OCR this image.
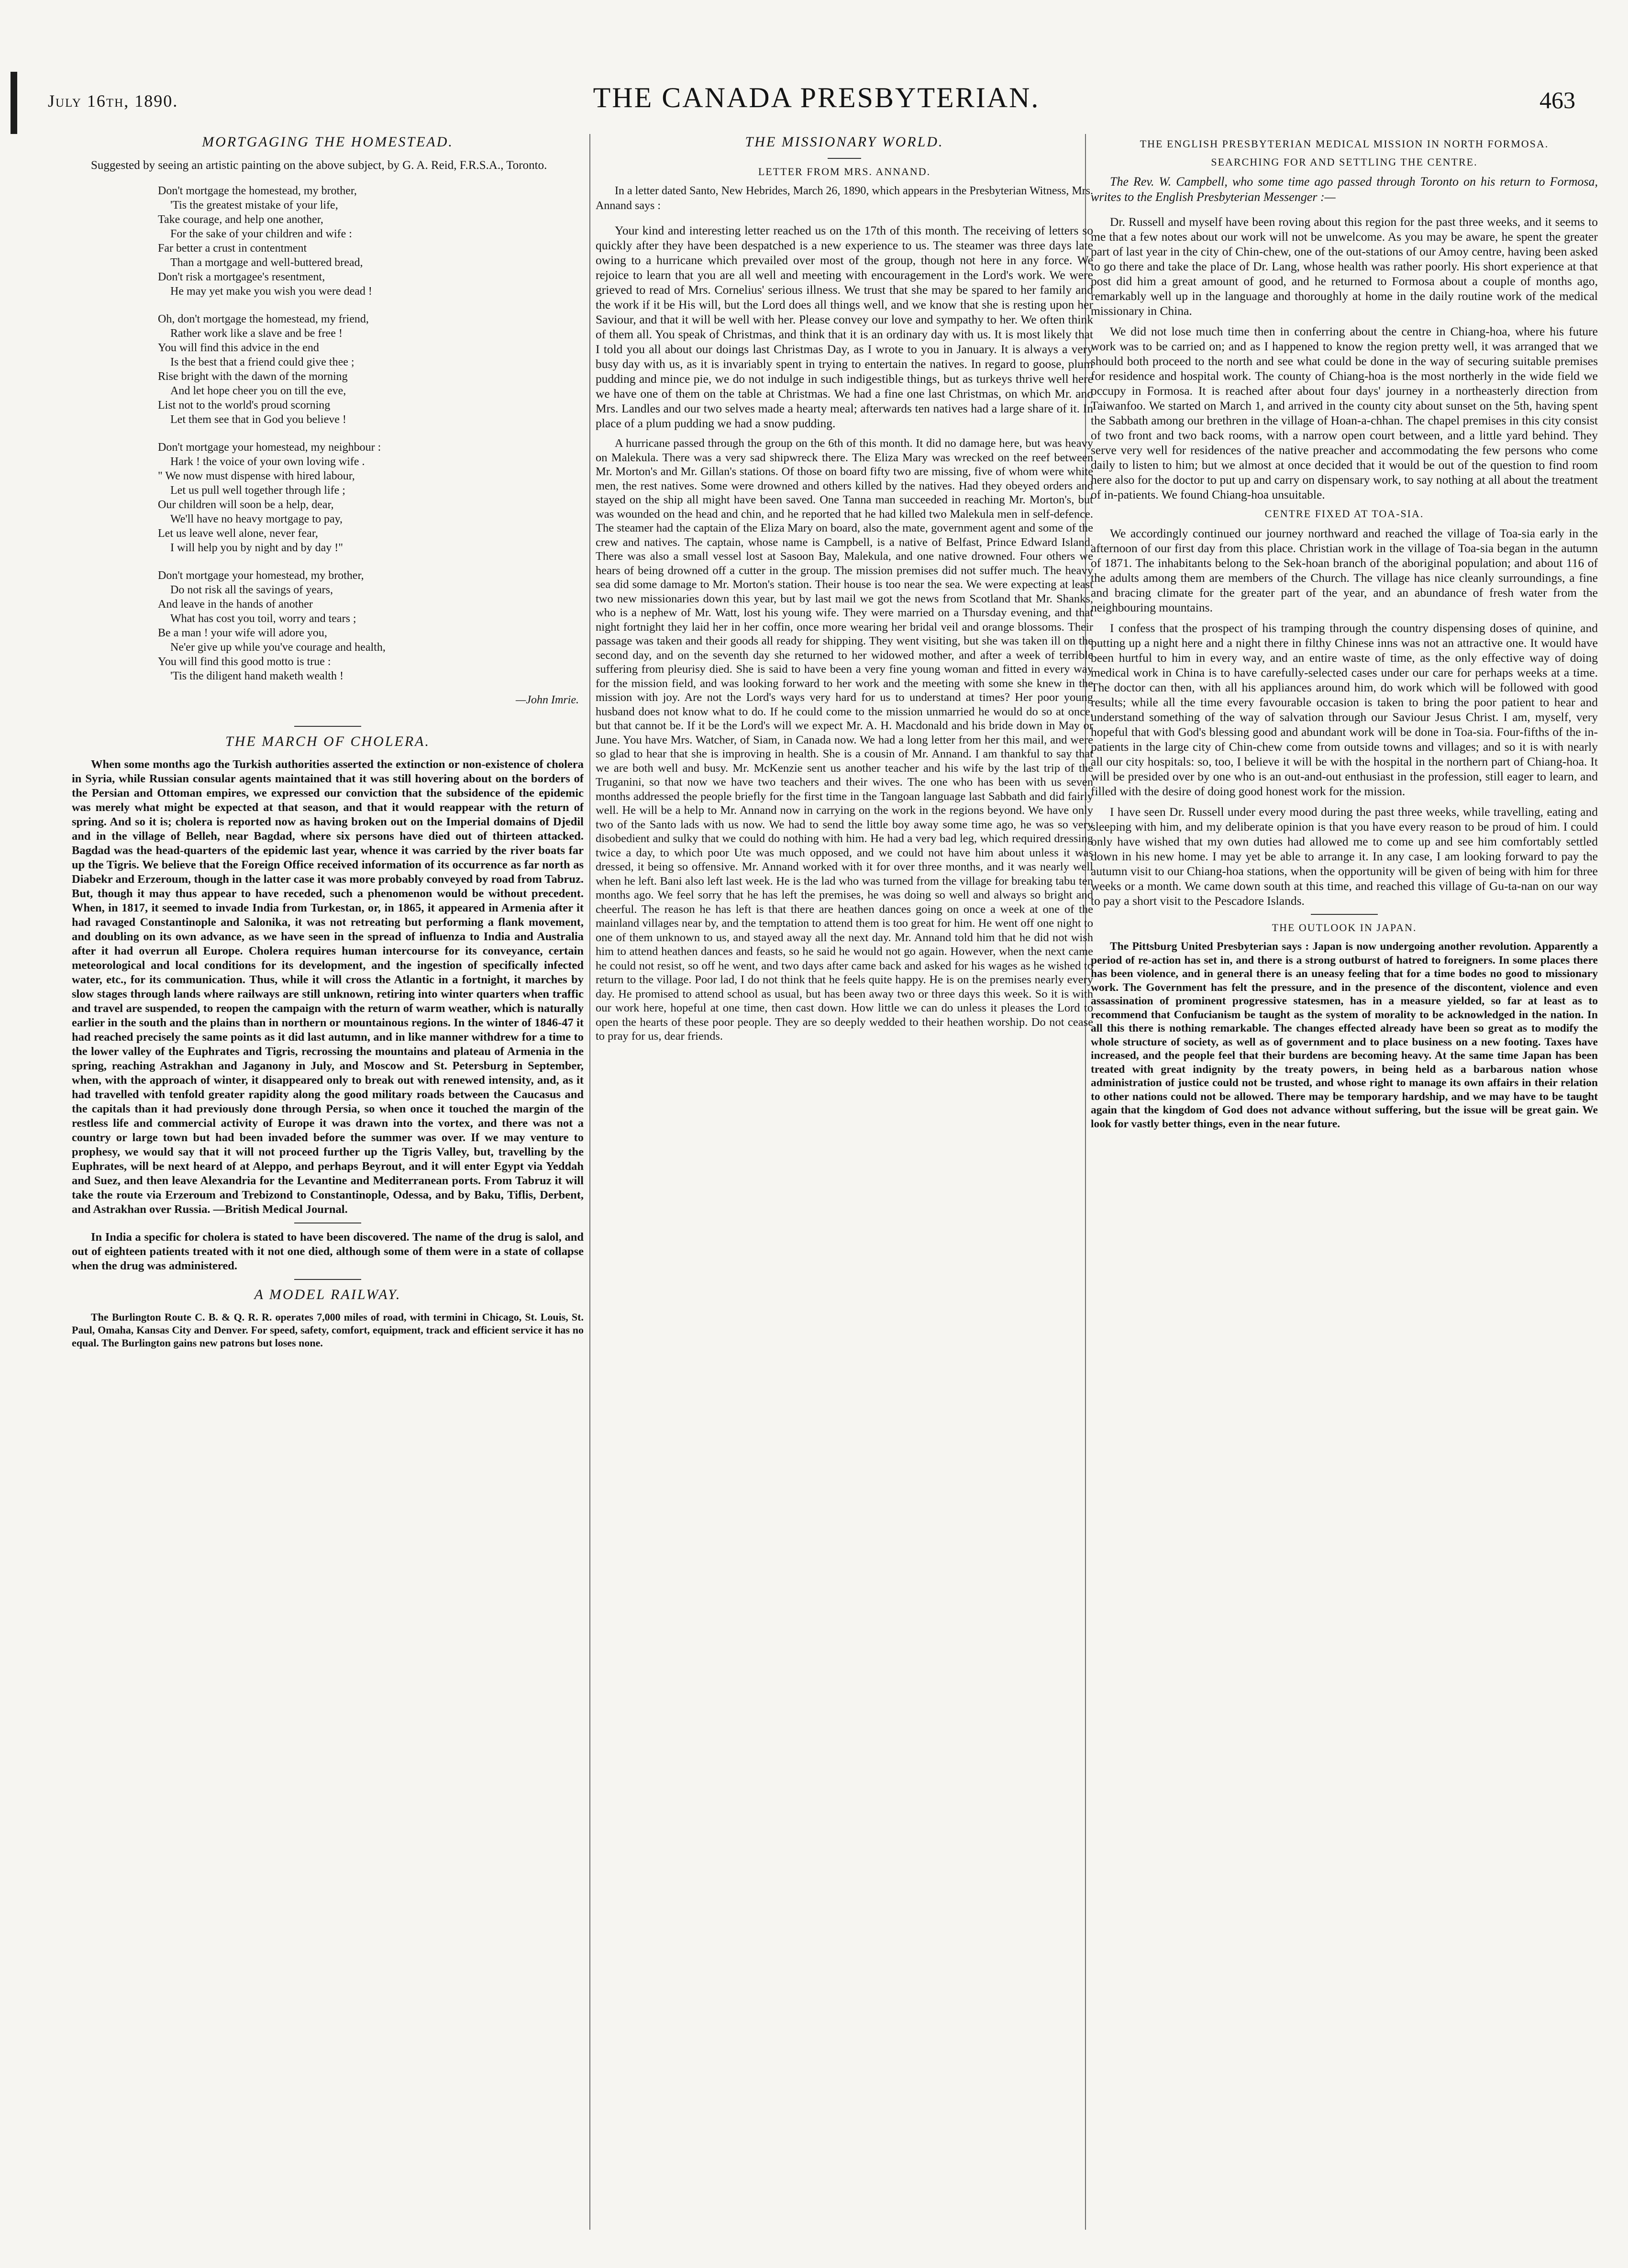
July 16th, 1890.	THE CANADA PRESBYTERIAN.	463
MORTGAGING THE HOMESTEAD.

Suggested by seeing an artistic painting on the above subject, by G. A. Reid, F.R.S.A., Toronto.

Don't mortgage the homestead, my brother,
'Tis the greatest mistake of your life,
Take courage, and help one another,
For the sake of your children and wife :
Far better a crust in contentment
Than a mortgage and well-buttered bread,
Don't risk a mortgagee's resentment,
He may yet make you wish you were dead !
Oh, don't mortgage the homestead, my friend,
Rather work like a slave and be free !
You will find this advice in the end
Is the best that a friend could give thee ;
Rise bright with the dawn of the morning
And let hope cheer you on till the eve,
List not to the world's proud scorning
Let them see that in God you believe !
Don't mortgage your homestead, my neighbour :
Hark ! the voice of your own loving wife .
" We now must dispense with hired labour,
Let us pull well together through life ;
Our children will soon be a help, dear,
We'll have no heavy mortgage to pay,
Let us leave well alone, never fear,
I will help you by night and by day !"
Don't mortgage your homestead, my brother,
Do not risk all the savings of years,
And leave in the hands of another
What has cost you toil, worry and tears ;
Be a man ! your wife will adore you,
Ne'er give up while you've courage and health,
You will find this good motto is true :
'Tis the diligent hand maketh wealth !
—John Imrie.
THE MARCH OF CHOLERA.

When some months ago the Turkish authorities asserted the extinction or non-existence of cholera in Syria, while Russian consular agents maintained that it was still hovering about on the borders of the Persian and Ottoman empires, we expressed our conviction that the subsidence of the epidemic was merely what might be expected at that season, and that it would reappear with the return of spring. And so it is; cholera is reported now as having broken out on the Imperial domains of Djedil and in the village of Belleh, near Bagdad, where six persons have died out of thirteen attacked. Bagdad was the head-quarters of the epidemic last year, whence it was carried by the river boats far up the Tigris. We believe that the Foreign Office received information of its occurrence as far north as Diabekr and Erzeroum, though in the latter case it was more probably conveyed by road from Tabruz. But, though it may thus appear to have receded, such a phenomenon would be without precedent. When, in 1817, it seemed to invade India from Turkestan, or, in 1865, it appeared in Armenia after it had ravaged Constantinople and Salonika, it was not retreating but performing a flank movement, and doubling on its own advance, as we have seen in the spread of influenza to India and Australia after it had overrun all Europe. Cholera requires human intercourse for its conveyance, certain meteorological and local conditions for its development, and the ingestion of specifically infected water, etc., for its communication. Thus, while it will cross the Atlantic in a fortnight, it marches by slow stages through lands where railways are still unknown, retiring into winter quarters when traffic and travel are suspended, to reopen the campaign with the return of warm weather, which is naturally earlier in the south and the plains than in northern or mountainous regions. In the winter of 1846-47 it had reached precisely the same points as it did last autumn, and in like manner withdrew for a time to the lower valley of the Euphrates and Tigris, recrossing the mountains and plateau of Armenia in the spring, reaching Astrakhan and Jaganony in July, and Moscow and St. Petersburg in September, when, with the approach of winter, it disappeared only to break out with renewed intensity, and, as it had travelled with tenfold greater rapidity along the good military roads between the Caucasus and the capitals than it had previously done through Persia, so when once it touched the margin of the restless life and commercial activity of Europe it was drawn into the vortex, and there was not a country or large town but had been invaded before the summer was over. If we may venture to prophesy, we would say that it will not proceed further up the Tigris Valley, but, travelling by the Euphrates, will be next heard of at Aleppo, and perhaps Beyrout, and it will enter Egypt via Yeddah and Suez, and then leave Alexandria for the Levantine and Mediterranean ports. From Tabruz it will take the route via Erzeroum and Trebizond to Constantinople, Odessa, and by Baku, Tiflis, Derbent, and Astrakhan over Russia. —British Medical Journal.

In India a specific for cholera is stated to have been discovered. The name of the drug is salol, and out of eighteen patients treated with it not one died, although some of them were in a state of collapse when the drug was administered.

A MODEL RAILWAY.

The Burlington Route C. B. & Q. R. R. operates 7,000 miles of road, with termini in Chicago, St. Louis, St. Paul, Omaha, Kansas City and Denver. For speed, safety, comfort, equipment, track and efficient service it has no equal. The Burlington gains new patrons but loses none.

THE MISSIONARY WORLD.
LETTER FROM MRS. ANNAND.

In a letter dated Santo, New Hebrides, March 26, 1890, which appears in the Presbyterian Witness, Mrs. Annand says :

Your kind and interesting letter reached us on the 17th of this month. The receiving of letters so quickly after they have been despatched is a new experience to us. The steamer was three days late owing to a hurricane which prevailed over most of the group, though not here in any force. We rejoice to learn that you are all well and meeting with encouragement in the Lord's work. We were grieved to read of Mrs. Cornelius' serious illness. We trust that she may be spared to her family and the work if it be His will, but the Lord does all things well, and we know that she is resting upon her Saviour, and that it will be well with her. Please convey our love and sympathy to her. We often think of them all. You speak of Christmas, and think that it is an ordinary day with us. It is most likely that I told you all about our doings last Christmas Day, as I wrote to you in January. It is always a very busy day with us, as it is invariably spent in trying to entertain the natives. In regard to goose, plum pudding and mince pie, we do not indulge in such indigestible things, but as turkeys thrive well here we have one of them on the table at Christmas. We had a fine one last Christmas, on which Mr. and Mrs. Landles and our two selves made a hearty meal; afterwards ten natives had a large share of it. In place of a plum pudding we had a snow pudding.

A hurricane passed through the group on the 6th of this month. It did no damage here, but was heavy on Malekula. There was a very sad shipwreck there. The Eliza Mary was wrecked on the reef between Mr. Morton's and Mr. Gillan's stations. Of those on board fifty two are missing, five of whom were white men, the rest natives. Some were drowned and others killed by the natives. Had they obeyed orders and stayed on the ship all might have been saved. One Tanna man succeeded in reaching Mr. Morton's, but was wounded on the head and chin, and he reported that he had killed two Malekula men in self-defence. The steamer had the captain of the Eliza Mary on board, also the mate, government agent and some of the crew and natives. The captain, whose name is Campbell, is a native of Belfast, Prince Edward Island. There was also a small vessel lost at Sasoon Bay, Malekula, and one native drowned. Four others we hears of being drowned off a cutter in the group. The mission premises did not suffer much. The heavy sea did some damage to Mr. Morton's station. Their house is too near the sea. We were expecting at least two new missionaries down this year, but by last mail we got the news from Scotland that Mr. Shanks, who is a nephew of Mr. Watt, lost his young wife. They were married on a Thursday evening, and that night fortnight they laid her in her coffin, once more wearing her bridal veil and orange blossoms. Their passage was taken and their goods all ready for shipping. They went visiting, but she was taken ill on the second day, and on the seventh day she returned to her widowed mother, and after a week of terrible suffering from pleurisy died. She is said to have been a very fine young woman and fitted in every way for the mission field, and was looking forward to her work and the meeting with some she knew in the mission with joy. Are not the Lord's ways very hard for us to understand at times? Her poor young husband does not know what to do. If he could come to the mission unmarried he would do so at once, but that cannot be. If it be the Lord's will we expect Mr. A. H. Macdonald and his bride down in May or June. You have Mrs. Watcher, of Siam, in Canada now. We had a long letter from her this mail, and were so glad to hear that she is improving in health. She is a cousin of Mr. Annand. I am thankful to say that we are both well and busy. Mr. McKenzie sent us another teacher and his wife by the last trip of the Truganini, so that now we have two teachers and their wives. The one who has been with us seven months addressed the people briefly for the first time in the Tangoan language last Sabbath and did fairly well. He will be a help to Mr. Annand now in carrying on the work in the regions beyond. We have only two of the Santo lads with us now. We had to send the little boy away some time ago, he was so very disobedient and sulky that we could do nothing with him. He had a very bad leg, which required dressing twice a day, to which poor Ute was much opposed, and we could not have him about unless it was dressed, it being so offensive. Mr. Annand worked with it for over three months, and it was nearly well when he left. Bani also left last week. He is the lad who was turned from the village for breaking tabu ten months ago. We feel sorry that he has left the premises, he was doing so well and always so bright and cheerful. The reason he has left is that there are heathen dances going on once a week at one of the mainland villages near by, and the temptation to attend them is too great for him. He went off one night to one of them unknown to us, and stayed away all the next day. Mr. Annand told him that he did not wish him to attend heathen dances and feasts, so he said he would not go again. However, when the next came he could not resist, so off he went, and two days after came back and asked for his wages as he wished to return to the village. Poor lad, I do not think that he feels quite happy. He is on the premises nearly every day. He promised to attend school as usual, but has been away two or three days this week. So it is with our work here, hopeful at one time, then cast down. How little we can do unless it pleases the Lord to open the hearts of these poor people. They are so deeply wedded to their heathen worship. Do not cease to pray for us, dear friends.

THE ENGLISH PRESBYTERIAN MEDICAL MISSION IN NORTH FORMOSA.
SEARCHING FOR AND SETTLING THE CENTRE.

The Rev. W. Campbell, who some time ago passed through Toronto on his return to Formosa, writes to the English Presbyterian Messenger :—

Dr. Russell and myself have been roving about this region for the past three weeks, and it seems to me that a few notes about our work will not be unwelcome. As you may be aware, he spent the greater part of last year in the city of Chin-chew, one of the out-stations of our Amoy centre, having been asked to go there and take the place of Dr. Lang, whose health was rather poorly. His short experience at that post did him a great amount of good, and he returned to Formosa about a couple of months ago, remarkably well up in the language and thoroughly at home in the daily routine work of the medical missionary in China.

We did not lose much time then in conferring about the centre in Chiang-hoa, where his future work was to be carried on; and as I happened to know the region pretty well, it was arranged that we should both proceed to the north and see what could be done in the way of securing suitable premises for residence and hospital work. The county of Chiang-hoa is the most northerly in the wide field we occupy in Formosa. It is reached after about four days' journey in a northeasterly direction from Taiwanfoo. We started on March 1, and arrived in the county city about sunset on the 5th, having spent the Sabbath among our brethren in the village of Hoan-a-chhan. The chapel premises in this city consist of two front and two back rooms, with a narrow open court between, and a little yard behind. They serve very well for residences of the native preacher and accommodating the few persons who come daily to listen to him; but we almost at once decided that it would be out of the question to find room here also for the doctor to put up and carry on dispensary work, to say nothing at all about the treatment of in-patients. We found Chiang-hoa unsuitable.

CENTRE FIXED AT TOA-SIA.

We accordingly continued our journey northward and reached the village of Toa-sia early in the afternoon of our first day from this place. Christian work in the village of Toa-sia began in the autumn of 1871. The inhabitants belong to the Sek-hoan branch of the aboriginal population; and about 116 of the adults among them are members of the Church. The village has nice cleanly surroundings, a fine and bracing climate for the greater part of the year, and an abundance of fresh water from the neighbouring mountains.

I confess that the prospect of his tramping through the country dispensing doses of quinine, and putting up a night here and a night there in filthy Chinese inns was not an attractive one. It would have been hurtful to him in every way, and an entire waste of time, as the only effective way of doing medical work in China is to have carefully-selected cases under our care for perhaps weeks at a time. The doctor can then, with all his appliances around him, do work which will be followed with good results; while all the time every favourable occasion is taken to bring the poor patient to hear and understand something of the way of salvation through our Saviour Jesus Christ. I am, myself, very hopeful that with God's blessing good and abundant work will be done in Toa-sia. Four-fifths of the in-patients in the large city of Chin-chew come from outside towns and villages; and so it is with nearly all our city hospitals: so, too, I believe it will be with the hospital in the northern part of Chiang-hoa. It will be presided over by one who is an out-and-out enthusiast in the profession, still eager to learn, and filled with the desire of doing good honest work for the mission.

I have seen Dr. Russell under every mood during the past three weeks, while travelling, eating and sleeping with him, and my deliberate opinion is that you have every reason to be proud of him. I could only have wished that my own duties had allowed me to come up and see him comfortably settled down in his new home. I may yet be able to arrange it. In any case, I am looking forward to pay the autumn visit to our Chiang-hoa stations, when the opportunity will be given of being with him for three weeks or a month. We came down south at this time, and reached this village of Gu-ta-nan on our way to pay a short visit to the Pescadore Islands.

THE OUTLOOK IN JAPAN.

The Pittsburg United Presbyterian says : Japan is now undergoing another revolution. Apparently a period of re-action has set in, and there is a strong outburst of hatred to foreigners. In some places there has been violence, and in general there is an uneasy feeling that for a time bodes no good to missionary work. The Government has felt the pressure, and in the presence of the discontent, violence and even assassination of prominent progressive statesmen, has in a measure yielded, so far at least as to recommend that Confucianism be taught as the system of morality to be acknowledged in the nation. In all this there is nothing remarkable. The changes effected already have been so great as to modify the whole structure of society, as well as of government and to place business on a new footing. Taxes have increased, and the people feel that their burdens are becoming heavy. At the same time Japan has been treated with great indignity by the treaty powers, in being held as a barbarous nation whose administration of justice could not be trusted, and whose right to manage its own affairs in their relation to other nations could not be allowed. There may be temporary hardship, and we may have to be taught again that the kingdom of God does not advance without suffering, but the issue will be great gain. We look for vastly better things, even in the near future.
